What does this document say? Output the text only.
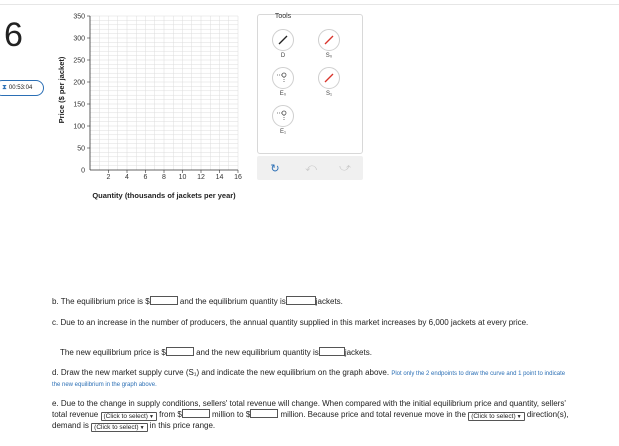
6
⧗ 00:53:04
0
50
100
150
200
250
300
350
2 4 6 8 10 12 14 16
Price ($ per jacket)
Quantity (thousands of jackets per year)
Tools
D	S₀
E₀	S₁
E₁
↻	⤺ ⤻
b. The equilibrium price is $	and the equilibrium quantity is	jackets.
c. Due to an increase in the number of producers, the annual quantity supplied in this market increases by 6,000 jackets at every price.
The new equilibrium price is $	and the new equilibrium quantity is	jackets.
d. Draw the new market supply curve (S₁) and indicate the new equilibrium on the graph above. Plot only the 2 endpoints to draw the curve and 1 point to indicate the new equilibrium in the graph above.
e. Due to the change in supply conditions, sellers' total revenue will change. When compared with the initial equilibrium price and quantity, sellers' total revenue (Click to select)▼ from $	million to $	million. Because price and total revenue move in the (Click to select)▼ direction(s), demand is (Click to select)▼ in this price range.
